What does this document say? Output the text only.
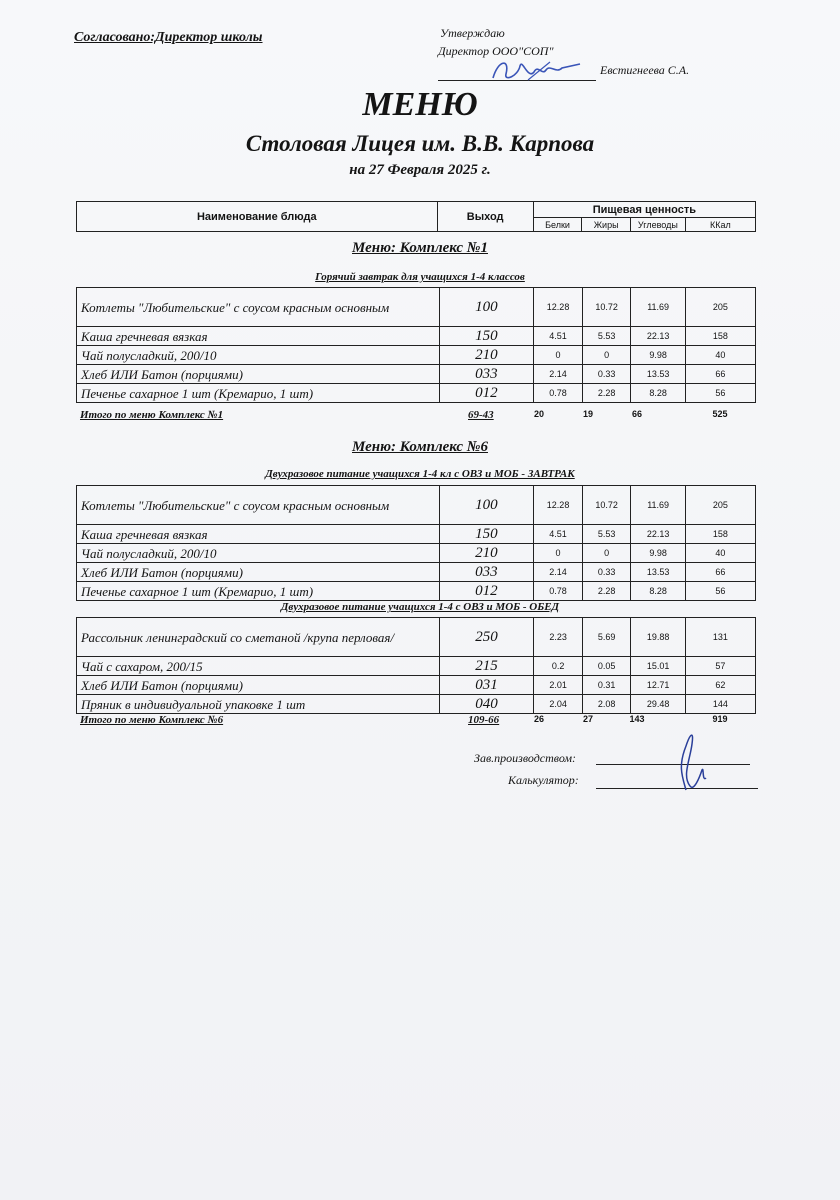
Согласовано:Директор школы	Утверждаю
Директор ООО"СОП"
Евстигнеева С.А.
МЕНЮ
Столовая Лицея им. В.В. Карпова
на 27 Февраля 2025 г.
Наименование блюда	Выход	Пищевая ценность			
		Белки	Жиры	Углеводы	ККал
Меню: Комплекс №1
Горячий завтрак для учащихся 1-4 классов
Котлеты "Любительские" с соусом красным основным	100	12.28	10.72	11.69	205
Каша гречневая вязкая	150	4.51	5.53	22.13	158
Чай полусладкий, 200/10	210	0	0	9.98	40
Хлеб ИЛИ Батон (порциями)	033	2.14	0.33	13.53	66
Печенье сахарное 1 шт (Кремарио, 1 шт)	012	0.78	2.28	8.28	56
Итого по меню Комплекс №1	69-43	20	19	66	525
Меню: Комплекс №6
Двухразовое питание учащихся 1-4 кл с ОВЗ и МОБ - ЗАВТРАК
Котлеты "Любительские" с соусом красным основным	100	12.28	10.72	11.69	205
Каша гречневая вязкая	150	4.51	5.53	22.13	158
Чай полусладкий, 200/10	210	0	0	9.98	40
Хлеб ИЛИ Батон (порциями)	033	2.14	0.33	13.53	66
Печенье сахарное 1 шт (Кремарио, 1 шт)	012	0.78	2.28	8.28	56
Двухразовое питание учащихся 1-4 с ОВЗ и МОБ - ОБЕД
Рассольник ленинградский со сметаной /крупа перловая/	250	2.23	5.69	19.88	131
Чай с сахаром, 200/15	215	0.2	0.05	15.01	57
Хлеб ИЛИ Батон (порциями)	031	2.01	0.31	12.71	62
Пряник в индивидуальной упаковке 1 шт	040	2.04	2.08	29.48	144
Итого по меню Комплекс №6	109-66	26	27	143	919
Зав.производством:
Калькулятор:
